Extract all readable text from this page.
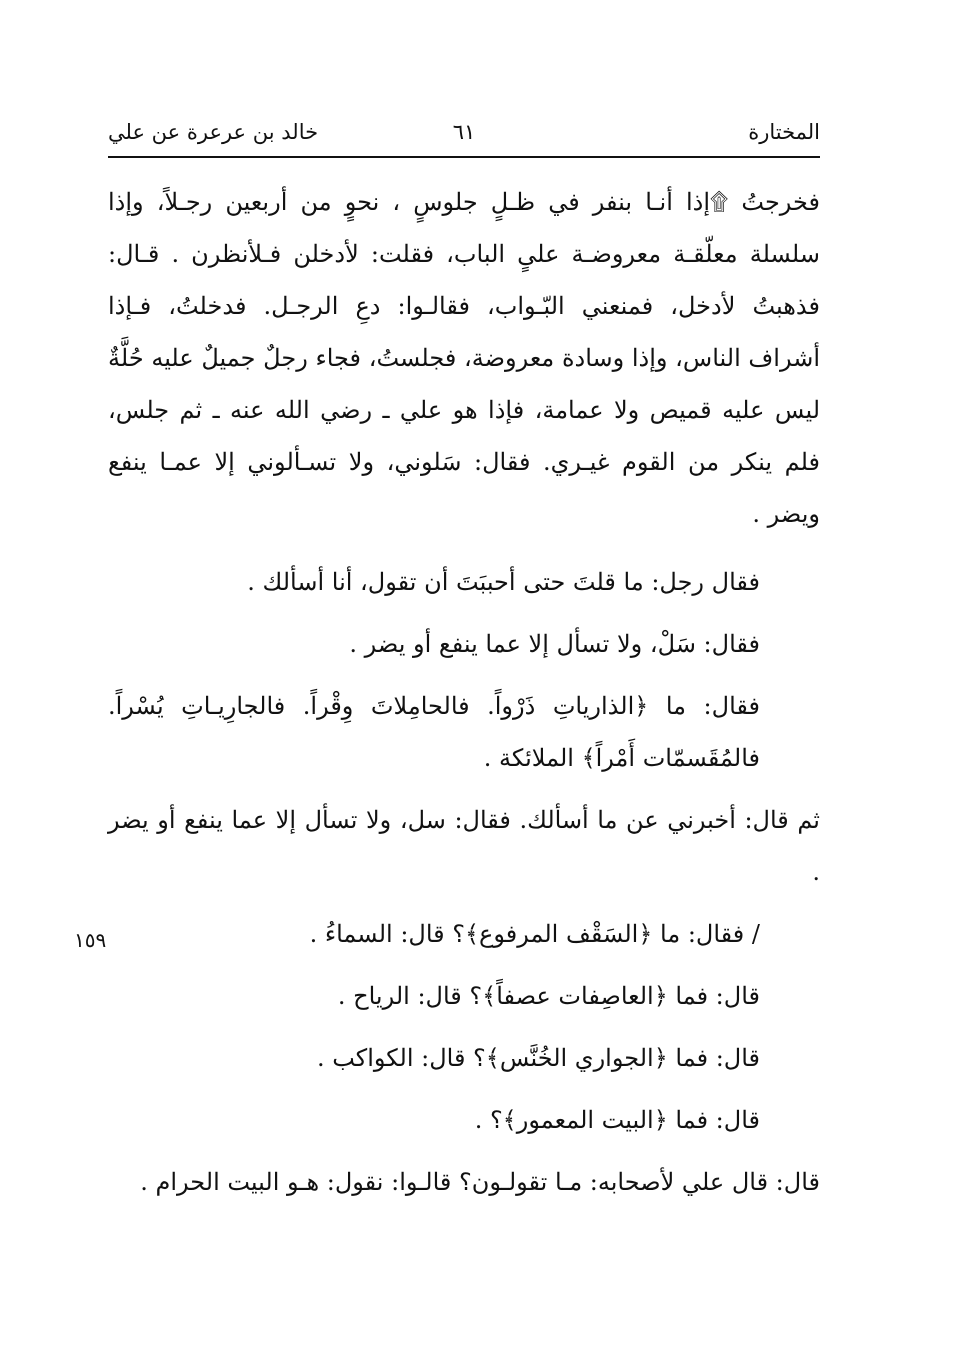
المختارة
٦١
خالد بن عرعرة عن علي
١٥٩

فخرجتُ ۩إذا أنـا بنفر في ظـلٍ جلوسٍ ، نحوٍ من أربعين رجـلاً، وإذا سلسلة معلّقـة معروضـة علىٍ الباب، فقلت: لأدخلن فـلأنظرن . قـال: فذهبتُ لأدخل، فمنعني البّـواب، فقالـوا: دعِ الرجـل. فدخلتُ، فـإذا أشراف الناس، وإذا وسادة معروضة، فجلستُ، فجاء رجلٌ جميلٌ عليه حُلَّةٌ ليس عليه قميص ولا عمامة، فإذا هو علي ـ رضي الله عنه ـ ثم جلس، فلم ينكر من القوم غيـري. فقال: سَلوني، ولا تسـألوني إلا عمـا ينفع ويضر .

فقال رجل: ما قلتَ حتى أحببَتَ أن تقول، أنا أسألك .

فقال: سَلْ، ولا تسأل إلا عما ينفع أو يضر .

فقال: ما ﴿الذارياتِ ذَرْواً. فالحامِلاتَ وِقْراً. فالجارِيـاتِ يُسْراً. فالمُقَسمّات أَمْراً﴾ الملائكة .

ثم قال: أخبرني عن ما أسألك. فقال: سل، ولا تسأل إلا عما ينفع أو يضر .

/ فقال: ما ﴿السَقْف المرفوع﴾؟ قال: السماءُ .

قال: فما ﴿العاصِفات عصفاً﴾؟ قال: الرياح .

قال: فما ﴿الجواري الخُنَّس﴾؟ قال: الكواكب .

قال: فما ﴿البيت المعمور﴾؟ .

قال: قال علي لأصحابه: مـا تقولـون؟ قالـوا: نقول: هـو البيت الحرام .
